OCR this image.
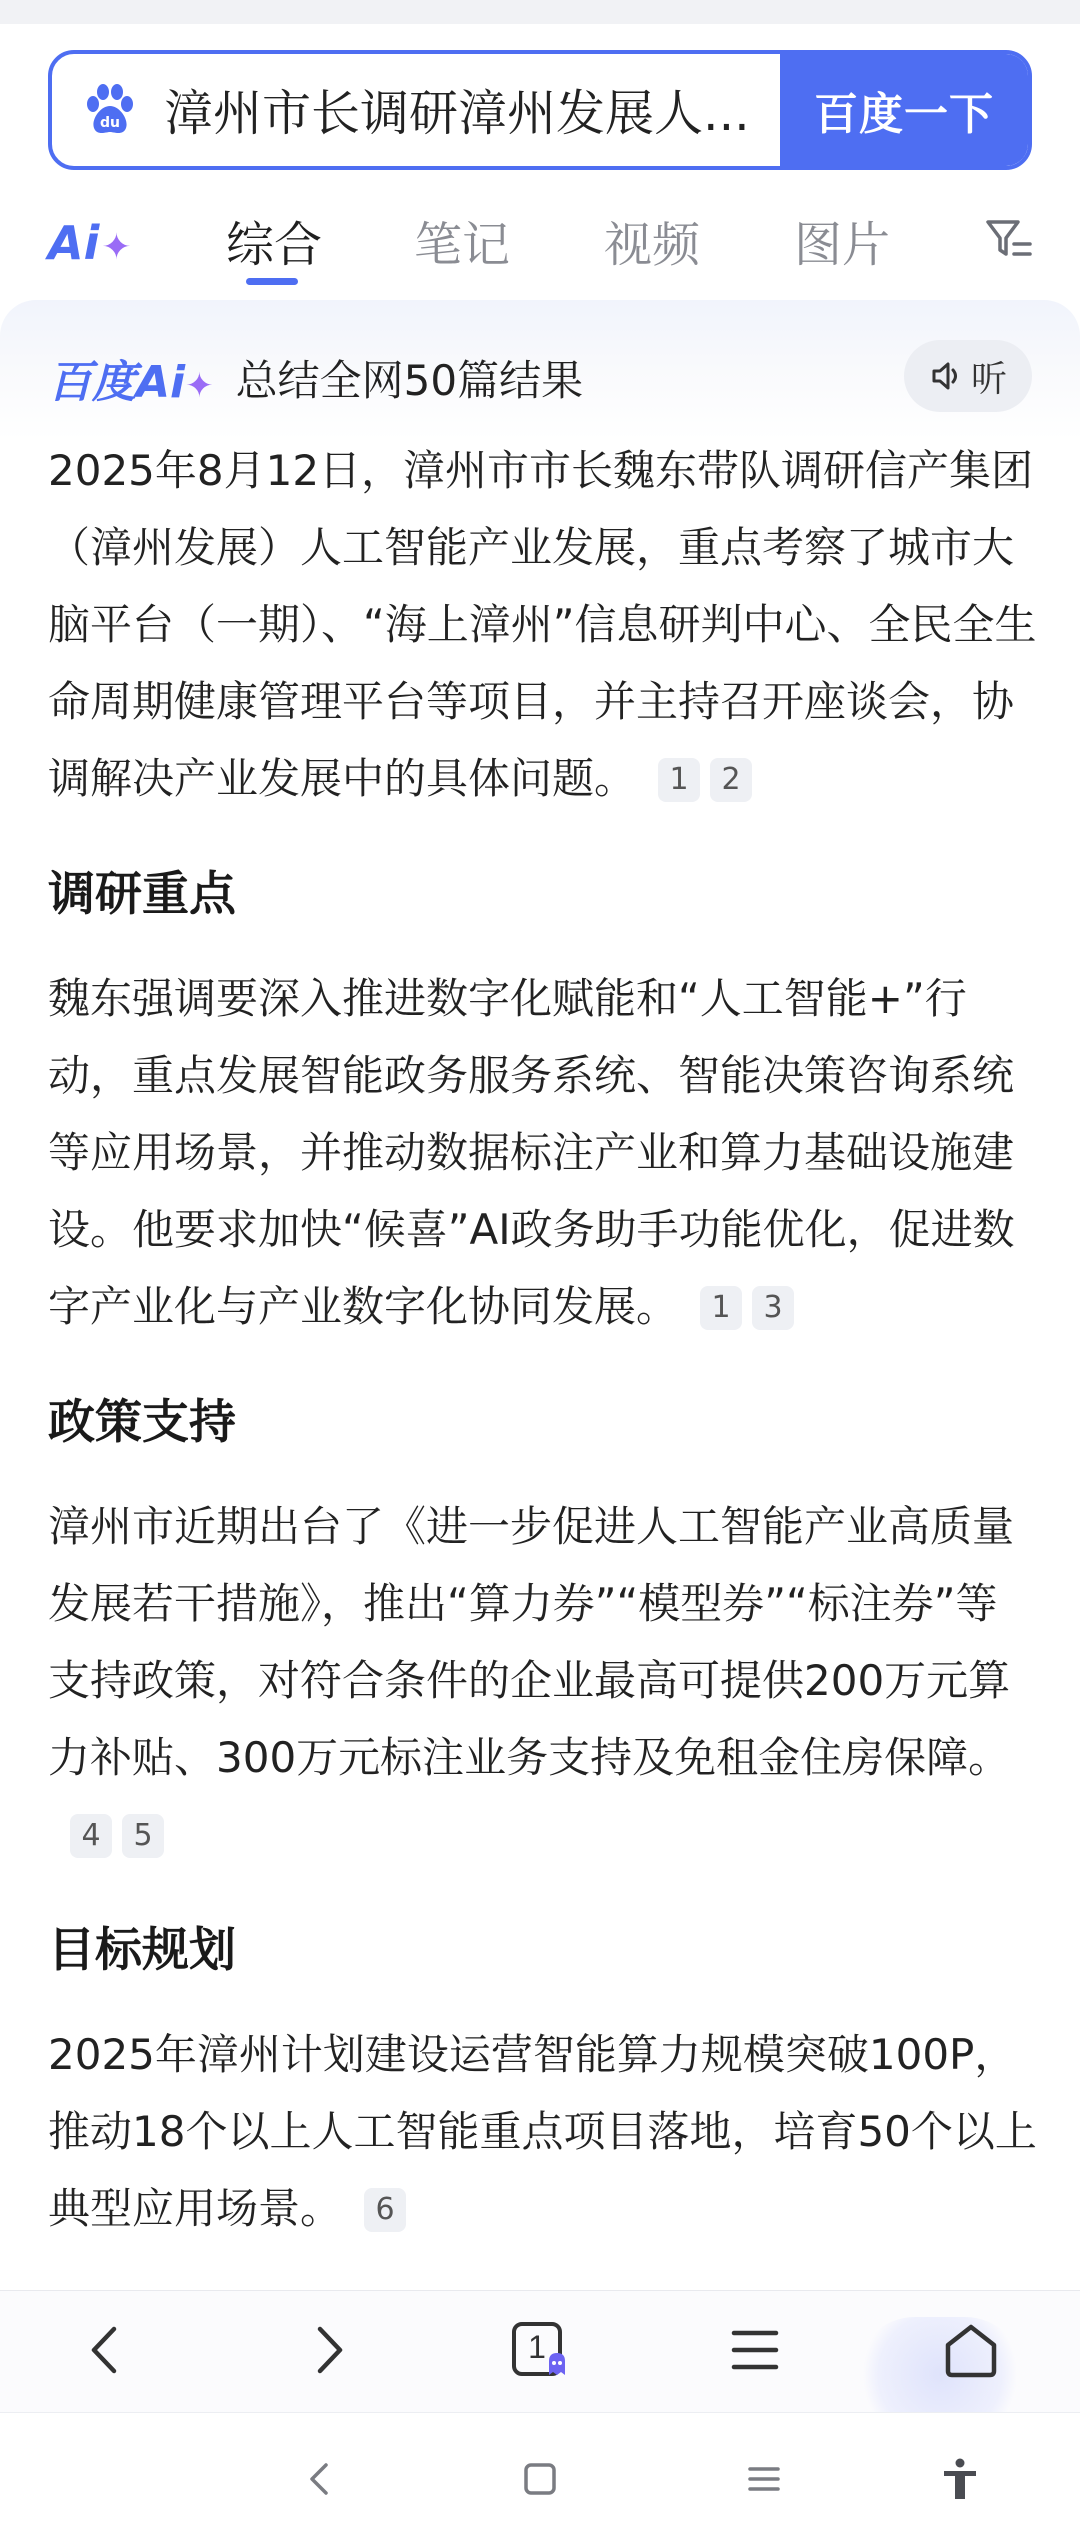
du 漳州市长调研漳州发展人...	百度一下
Ai✦ 综合 笔记 视频 图片
百度Ai✦ 总结全网50篇结果	听

2025年8月12日，漳州市市长魏东带队调研信产集团（漳州发展）人工智能产业发展，重点考察了城市大脑平台（一期）、“海上漳州”信息研判中心、全民全生命周期健康管理平台等项目，并主持召开座谈会，协调解决产业发展中的具体问题。 1 2

调研重点

魏东强调要深入推进数字化赋能和“人工智能+”行动，重点发展智能政务服务系统、智能决策咨询系统等应用场景，并推动数据标注产业和算力基础设施建设。他要求加快“候喜”AI政务助手功能优化，促进数字产业化与产业数字化协同发展。 1 3

政策支持

漳州市近期出台了《进一步促进人工智能产业高质量发展若干措施》，推出“算力券”“模型券”“标注券”等支持政策，对符合条件的企业最高可提供200万元算力补贴、300万元标注业务支持及免租金住房保障。4 5

目标规划

2025年漳州计划建设运营智能算力规模突破100P，推动18个以上人工智能重点项目落地，培育50个以上典型应用场景。 6

1
